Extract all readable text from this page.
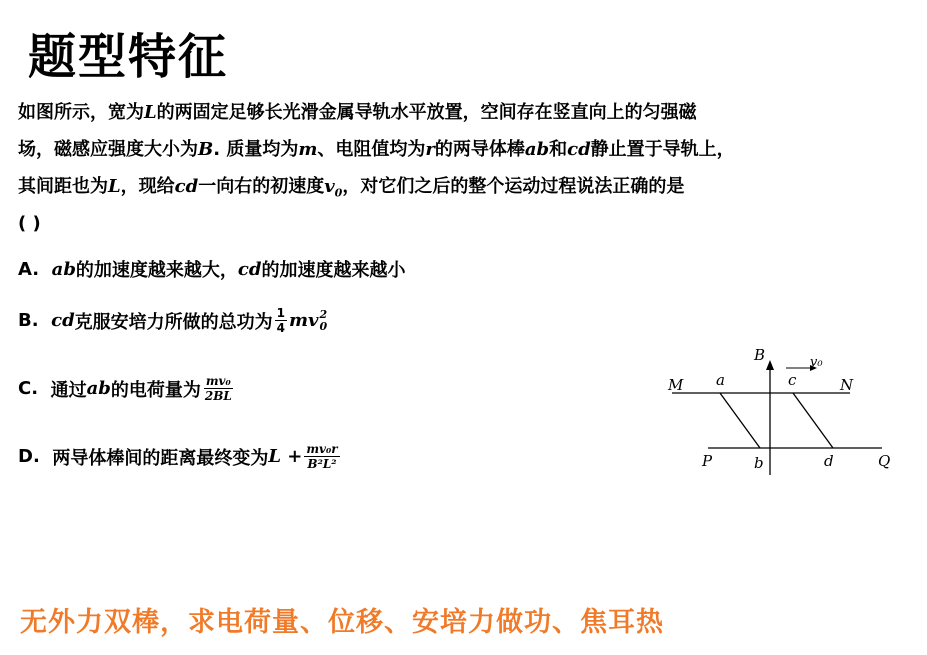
题型特征
如图所示，宽为L的两固定足够长光滑金属导轨水平放置，空间存在竖直向上的匀强磁
场，磁感应强度大小为B. 质量均为m、电阻值均为r的两导体棒ab和cd静止置于导轨上，
其间距也为L，现给cd一向右的初速度$v_0$，对它们之后的整个运动过程说法正确的是
( )
A.
ab 的加速度越来越大， cd 的加速度越来越小
B.
cd 克服安培力所做的总功为 $\frac{1}{4}$ mv 2
0
C.
通过 ab 的电荷量为 $\frac{\text{mv₀}}{2BL}$
D.
两导体棒间的距离最终变为 $L + \frac{\text{mv₀r}}{\text{B²L²}}$
M a	c	N
B	v₀
P	b	d	Q
无外力双棒，求电荷量、位移、安培力做功、焦耳热
